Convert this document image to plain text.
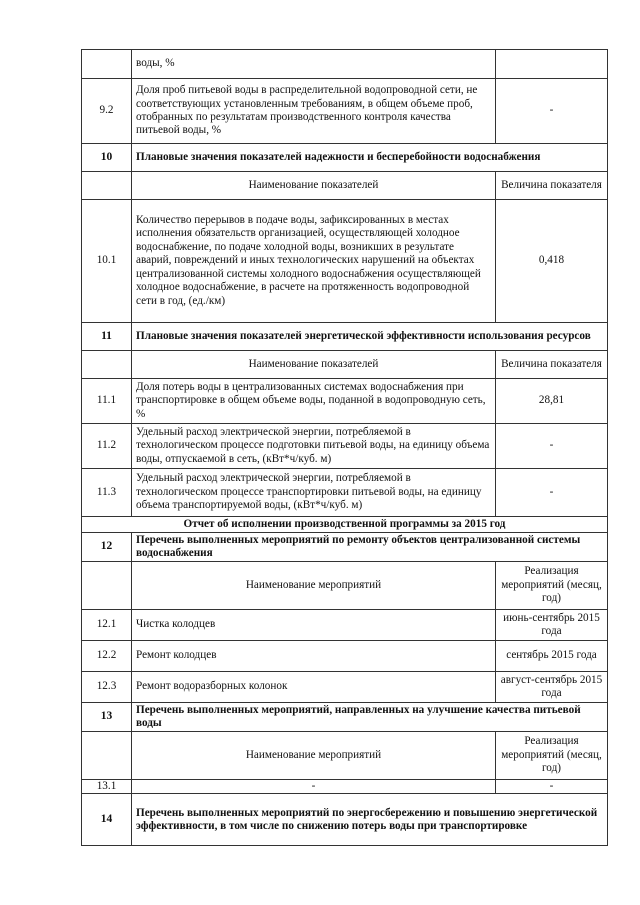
	воды, %	
9.2	Доля проб питьевой воды в распределительной водопроводной сети, не соответствующих установленным требованиям, в общем объеме проб, отобранных по результатам производственного контроля качества питьевой воды, %	-
10	Плановые значения показателей надежности и бесперебойности водоснабжения	
	Наименование показателей	Величина показателя
10.1	Количество перерывов в подаче воды, зафиксированных в местах исполнения обязательств организацией, осуществляющей холодное водоснабжение, по подаче холодной воды, возникших в результате аварий, повреждений и иных технологических нарушений на объектах централизованной системы холодного водоснабжения осуществляющей холодное водоснабжение, в расчете на протяженность водопроводной сети в год, (ед./км)	0,418
11	Плановые значения показателей энергетической эффективности использования ресурсов	
	Наименование показателей	Величина показателя
11.1	Доля потерь воды в централизованных системах водоснабжения при транспортировке в общем объеме воды, поданной в водопроводную сеть, %	28,81
11.2	Удельный расход электрической энергии, потребляемой в технологическом процессе подготовки питьевой воды, на единицу объема воды, отпускаемой в сеть, (кВт*ч/куб. м)	-
11.3	Удельный расход электрической энергии, потребляемой в технологическом процессе транспортировки питьевой воды, на единицу объема транспортируемой воды, (кВт*ч/куб. м)	-
Отчет об исполнении производственной программы за 2015 год		
12	Перечень выполненных мероприятий по ремонту объектов централизованной системы водоснабжения	
	Наименование мероприятий	Реализация мероприятий (месяц, год)
12.1	Чистка колодцев	июнь-сентябрь 2015 года
12.2	Ремонт колодцев	сентябрь 2015 года
12.3	Ремонт водоразборных колонок	август-сентябрь 2015 года
13	Перечень выполненных мероприятий, направленных на улучшение качества питьевой воды	
	Наименование мероприятий	Реализация мероприятий (месяц, год)
13.1	-	-
14	Перечень выполненных мероприятий по энергосбережению и повышению энергетической эффективности, в том числе по снижению потерь воды при транспортировке	
